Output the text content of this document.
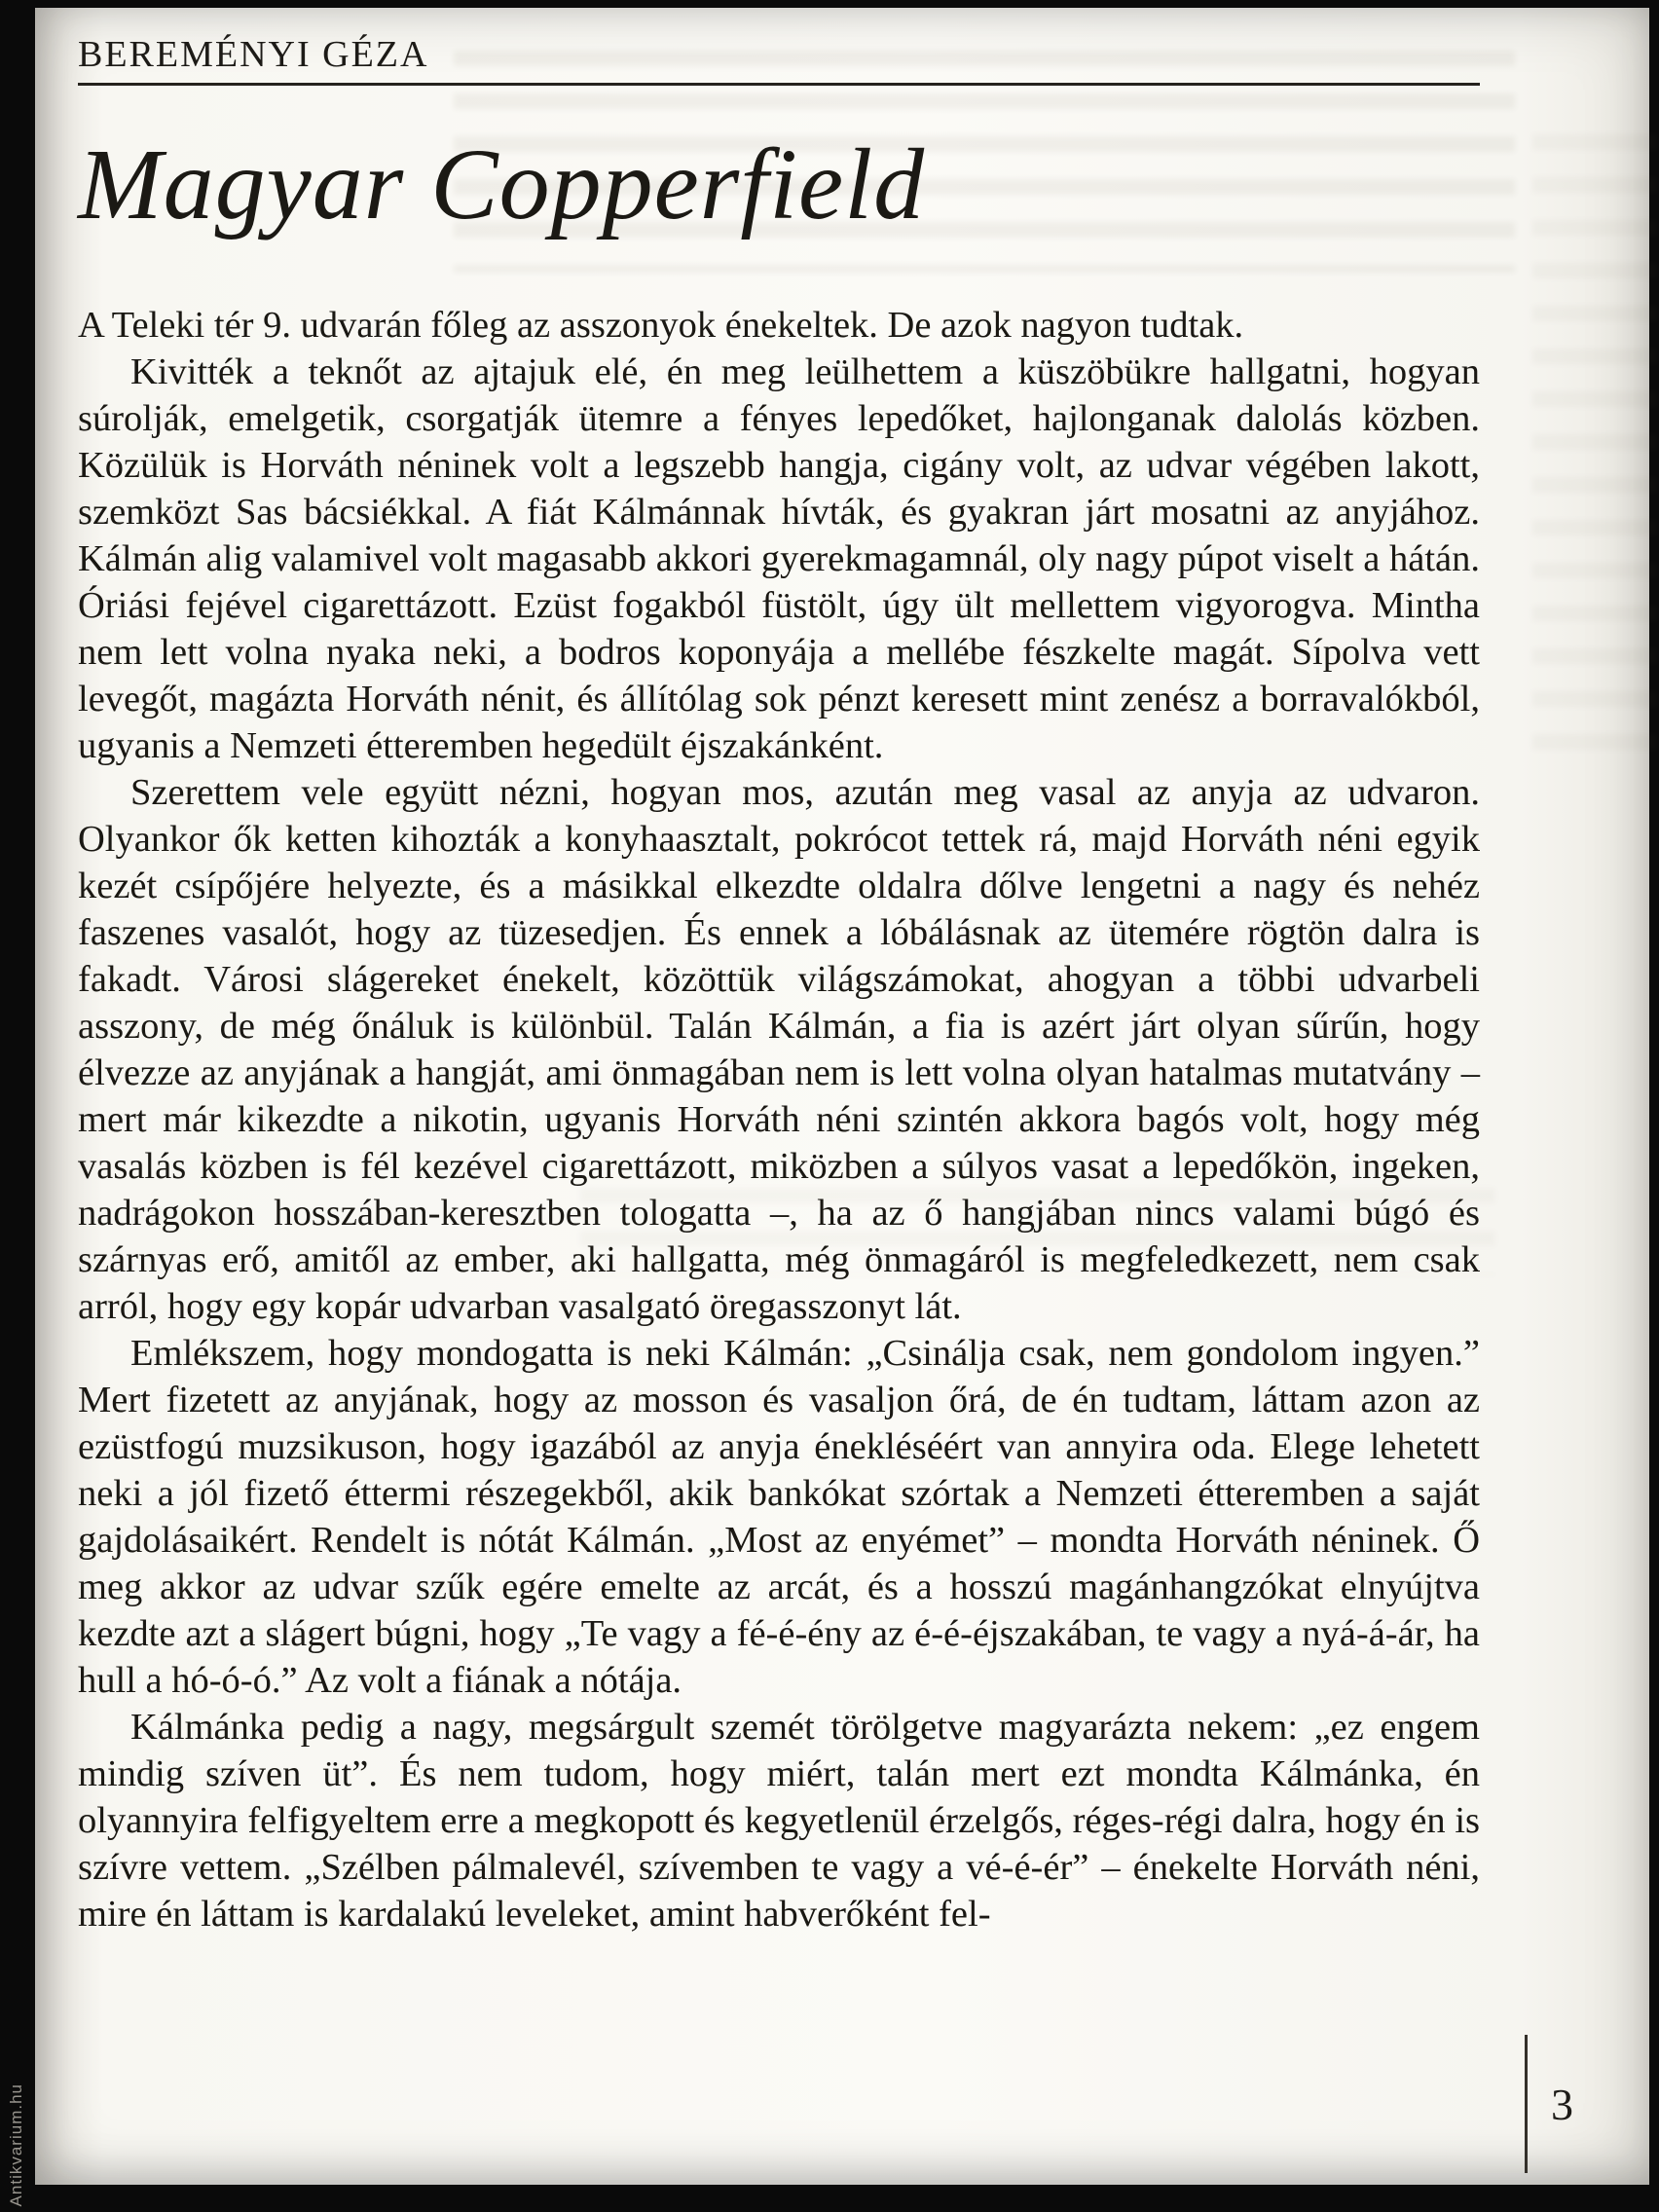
BEREMÉNYI GÉZA
Magyar Copperfield

A Teleki tér 9. udvarán főleg az asszonyok énekeltek. De azok nagyon tudtak.

Kivitték a teknőt az ajtajuk elé, én meg leülhettem a küszöbükre hallgatni, hogyan súrolják, emelgetik, csorgatják ütemre a fényes lepedőket, hajlonganak dalolás közben. Közülük is Horváth néninek volt a legszebb hangja, cigány volt, az udvar végében lakott, szemközt Sas bácsiékkal. A fiát Kálmánnak hívták, és gyakran járt mosatni az anyjához. Kálmán alig valamivel volt magasabb akkori gyerekmagamnál, oly nagy púpot viselt a hátán. Óriási fejével cigarettázott. Ezüst fogakból füstölt, úgy ült mellettem vigyorogva. Mintha nem lett volna nyaka neki, a bodros koponyája a mellébe fészkelte magát. Sípolva vett levegőt, magázta Horváth nénit, és állítólag sok pénzt keresett mint zenész a borravalókból, ugyanis a Nemzeti étteremben hegedült éjszakánként.

Szerettem vele együtt nézni, hogyan mos, azután meg vasal az anyja az udvaron. Olyankor ők ketten kihozták a konyhaasztalt, pokrócot tettek rá, majd Horváth néni egyik kezét csípőjére helyezte, és a másikkal elkezdte oldalra dőlve lengetni a nagy és nehéz faszenes vasalót, hogy az tüzesedjen. És ennek a lóbálásnak az ütemére rögtön dalra is fakadt. Városi slágereket énekelt, közöttük világszámokat, ahogyan a többi udvarbeli asszony, de még őnáluk is különbül. Talán Kálmán, a fia is azért járt olyan sűrűn, hogy élvezze az anyjának a hangját, ami önmagában nem is lett volna olyan hatalmas mutatvány – mert már kikezdte a nikotin, ugyanis Horváth néni szintén akkora bagós volt, hogy még vasalás közben is fél kezével cigarettázott, miközben a súlyos vasat a lepedőkön, ingeken, nadrágokon hosszában-keresztben tologatta –, ha az ő hangjában nincs valami búgó és szárnyas erő, amitől az ember, aki hallgatta, még önmagáról is megfeledkezett, nem csak arról, hogy egy kopár udvarban vasalgató öregasszonyt lát.

Emlékszem, hogy mondogatta is neki Kálmán: „Csinálja csak, nem gondolom ingyen.” Mert fizetett az anyjának, hogy az mosson és vasaljon őrá, de én tudtam, láttam azon az ezüstfogú muzsikuson, hogy igazából az anyja énekléséért van annyira oda. Elege lehetett neki a jól fizető éttermi részegekből, akik bankókat szórtak a Nemzeti étteremben a saját gajdolásaikért. Rendelt is nótát Kálmán. „Most az enyémet” – mondta Horváth néninek. Ő meg akkor az udvar szűk egére emelte az arcát, és a hosszú magánhangzókat elnyújtva kezdte azt a slágert búgni, hogy „Te vagy a fé-é-ény az é-é-éjszakában, te vagy a nyá-á-ár, ha hull a hó-ó-ó.” Az volt a fiának a nótája.

Kálmánka pedig a nagy, megsárgult szemét törölgetve magyarázta nekem: „ez engem mindig szíven üt”. És nem tudom, hogy miért, talán mert ezt mondta Kálmánka, én olyannyira felfigyeltem erre a megkopott és kegyetlenül érzelgős, réges-régi dalra, hogy én is szívre vettem. „Szélben pálmalevél, szívemben te vagy a vé-é-ér” – énekelte Horváth néni, mire én láttam is kardalakú leveleket, amint habverőként fel-

3
Antikvarium.hu
